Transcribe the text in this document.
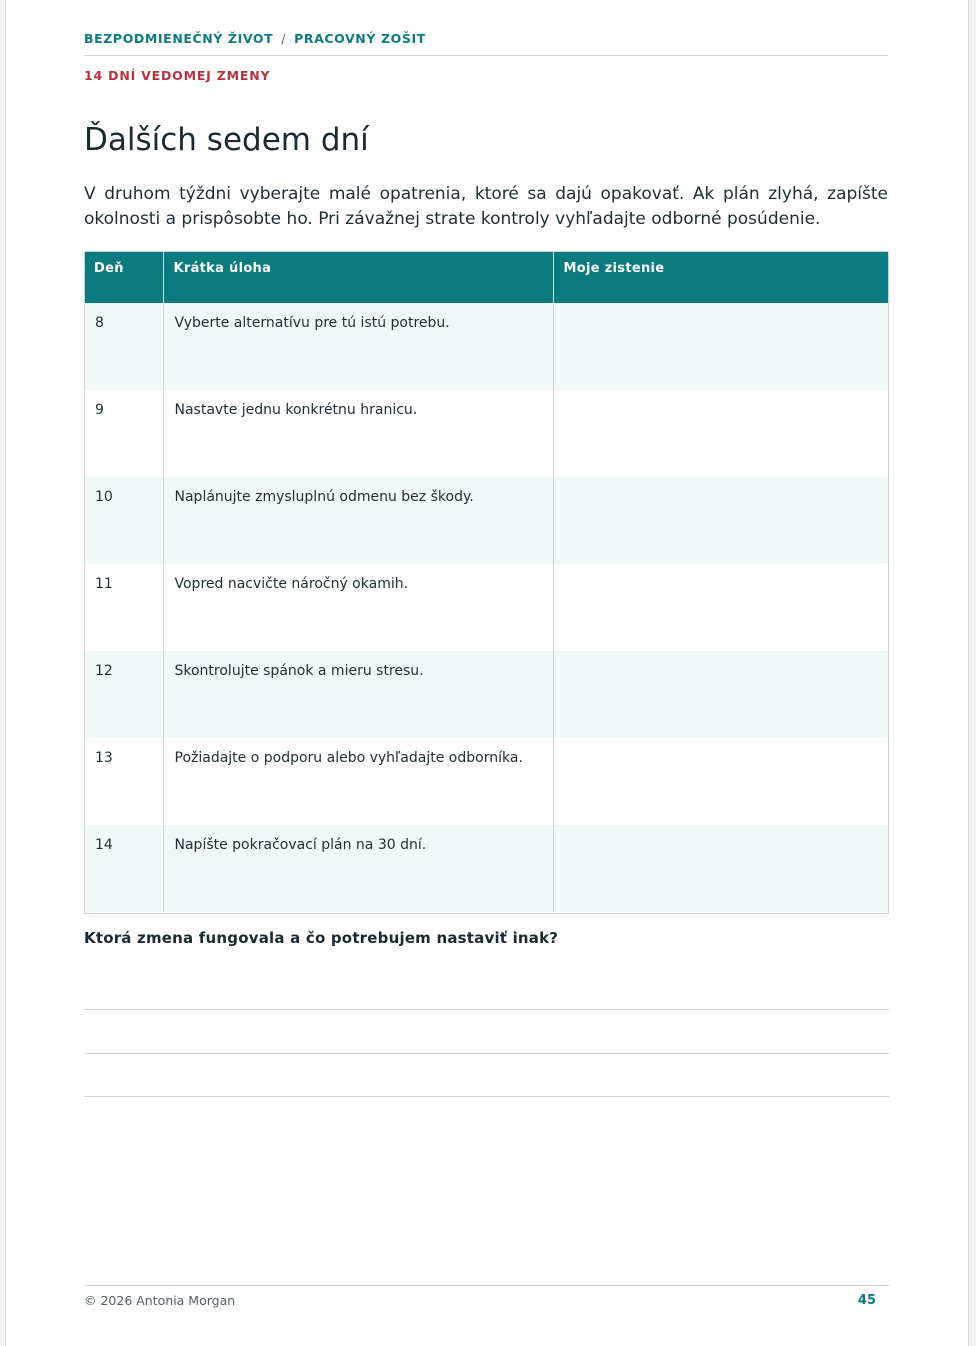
BEZPODMIENEČNÝ ŽIVOT / PRACOVNÝ ZOŠIT
14 DNÍ VEDOMEJ ZMENY
Ďalších sedem dní

V druhom týždni vyberajte malé opatrenia, ktoré sa dajú opakovať. Ak plán zlyhá, zapíšte okolnosti a prispôsobte ho. Pri závažnej strate kontroly vyhľadajte odborné posúdenie.

Deň	Krátka úloha	Moje zistenie
8	Vyberte alternatívu pre tú istú potrebu.	
9	Nastavte jednu konkrétnu hranicu.	
10	Naplánujte zmysluplnú odmenu bez škody.	
11	Vopred nacvičte náročný okamih.	
12	Skontrolujte spánok a mieru stresu.	
13	Požiadajte o podporu alebo vyhľadajte odborníka.	
14	Napíšte pokračovací plán na 30 dní.	
Ktorá zmena fungovala a čo potrebujem nastaviť inak?
© 2026 Antonia Morgan	45
